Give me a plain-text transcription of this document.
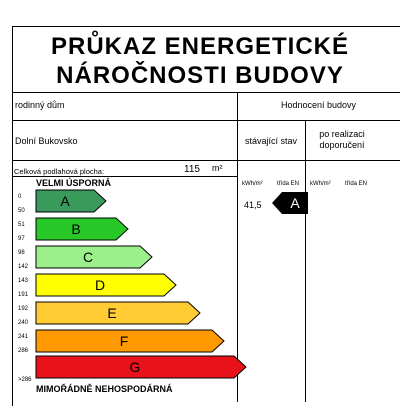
PRŮKAZ ENERGETICKÉ
NÁROČNOSTI BUDOVY
rodinný dům
Dolní Bukovsko
Celková podlahová plocha:	115 m²
Hodnocení budovy
stávající stav
po realizaci doporučení
kWh/m² třída EN kWh/m² třída EN
VELMI ÚSPORNÁ
MIMOŘÁDNĚ NEHOSPODÁRNÁ
0
50
A
51
97
B
98
142
C
143
191
D
192
240
E
241
286
F
>286
G
41,5	A
